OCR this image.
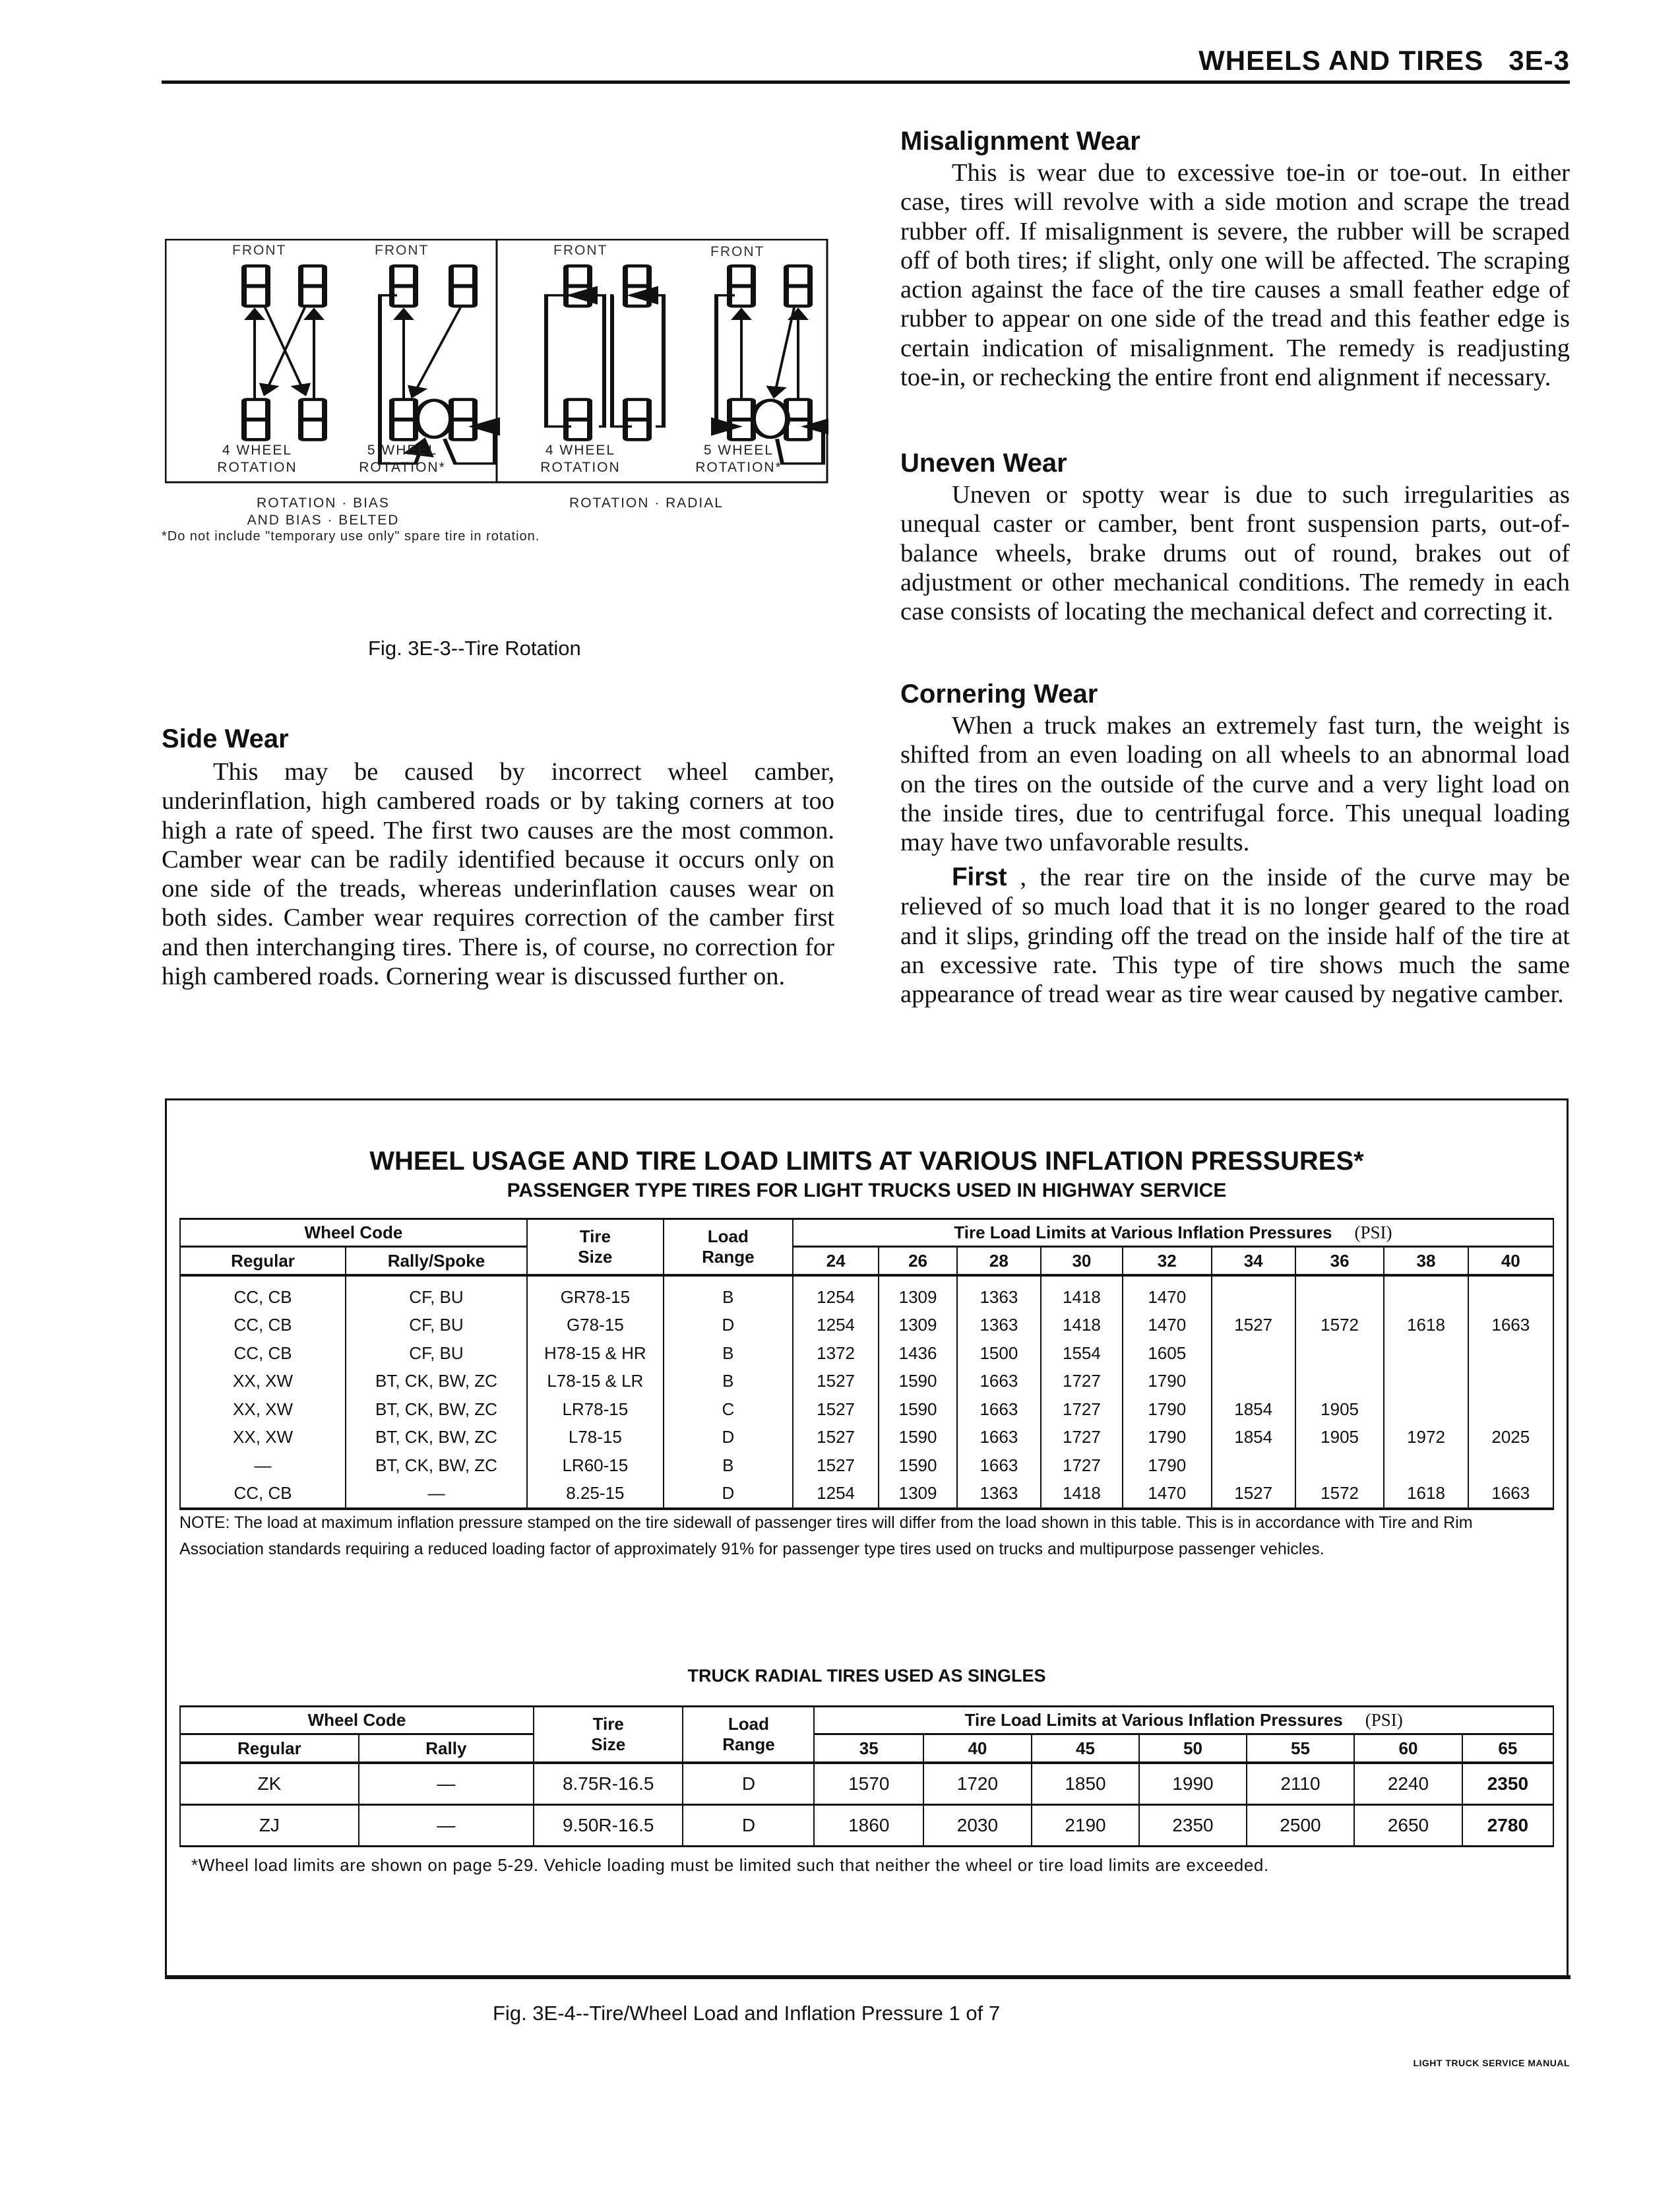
WHEELS AND TIRES 3E-3
FRONT	FRONT	FRONT	FRONT
4 WHEEL
ROTATION
5 WHEEL
ROTATION*
4 WHEEL
ROTATION
5 WHEEL
ROTATION*
ROTATION · BIAS
AND BIAS · BELTED
ROTATION · RADIAL
*Do not include "temporary use only" spare tire in rotation.
Fig. 3E-3--Tire Rotation
Side Wear
This may be caused by incorrect wheel camber, underinflation, high cambered roads or by taking corners at too high a rate of speed. The first two causes are the most common. Camber wear can be radily identified because it occurs only on one side of the treads, whereas underinflation causes wear on both sides. Camber wear requires correction of the camber first and then interchanging tires. There is, of course, no correction for high cambered roads. Cornering wear is discussed further on.
Misalignment Wear
This is wear due to excessive toe-in or toe-out. In either case, tires will revolve with a side motion and scrape the tread rubber off. If misalignment is severe, the rubber will be scraped off of both tires; if slight, only one will be affected. The scraping action against the face of the tire causes a small feather edge of rubber to appear on one side of the tread and this feather edge is certain indication of misalignment. The remedy is readjusting toe-in, or rechecking the entire front end alignment if necessary.
Uneven Wear
Uneven or spotty wear is due to such irregularities as unequal caster or camber, bent front suspension parts, out-of-balance wheels, brake drums out of round, brakes out of adjustment or other mechanical conditions. The remedy in each case consists of locating the mechanical defect and correcting it.
Cornering Wear
When a truck makes an extremely fast turn, the weight is shifted from an even loading on all wheels to an abnormal load on the tires on the outside of the curve and a very light load on the inside tires, due to centrifugal force. This unequal loading may have two unfavorable results.
First , the rear tire on the inside of the curve may be relieved of so much load that it is no longer geared to the road and it slips, grinding off the tread on the inside half of the tire at an excessive rate. This type of tire shows much the same appearance of tread wear as tire wear caused by negative camber.
WHEEL USAGE AND TIRE LOAD LIMITS AT VARIOUS INFLATION PRESSURES*
PASSENGER TYPE TIRES FOR LIGHT TRUCKS USED IN HIGHWAY SERVICE
Wheel Code	Tire
Size

Load
Range
	Tire Load Limits at Various Inflation Pressures (PSI)
Regular	Rally/Spoke			24	26	28	30	32	34	36	38	40
CC, CB	CF, BU	GR78-15	B	1254	1309	1363	1418	1470				
CC, CB	CF, BU	G78-15	D	1254	1309	1363	1418	1470	1527	1572	1618	1663
CC, CB	CF, BU	H78-15 & HR	B	1372	1436	1500	1554	1605				
XX, XW	BT, CK, BW, ZC	L78-15 & LR	B	1527	1590	1663	1727	1790				
XX, XW	BT, CK, BW, ZC	LR78-15	C	1527	1590	1663	1727	1790	1854	1905		
XX, XW	BT, CK, BW, ZC	L78-15	D	1527	1590	1663	1727	1790	1854	1905	1972	2025
—	BT, CK, BW, ZC	LR60-15	B	1527	1590	1663	1727	1790				
CC, CB	—	8.25-15	D	1254	1309	1363	1418	1470	1527	1572	1618	1663
NOTE: The load at maximum inflation pressure stamped on the tire sidewall of passenger tires will differ from the load shown in this table. This is in accordance with Tire and Rim Association standards requiring a reduced loading factor of approximately 91% for passenger type tires used on trucks and multipurpose passenger vehicles.
TRUCK RADIAL TIRES USED AS SINGLES
Wheel Code	Tire
Size

Load
Range
	Tire Load Limits at Various Inflation Pressures (PSI)
Regular	Rally			35	40	45	50	55	60	65
ZK	—	8.75R-16.5	D	1570	1720	1850	1990	2110	2240	2350
ZJ	—	9.50R-16.5	D	1860	2030	2190	2350	2500	2650	2780
*Wheel load limits are shown on page 5-29. Vehicle loading must be limited such that neither the wheel or tire load limits are exceeded.
Fig. 3E-4--Tire/Wheel Load and Inflation Pressure 1 of 7
LIGHT TRUCK SERVICE MANUAL
